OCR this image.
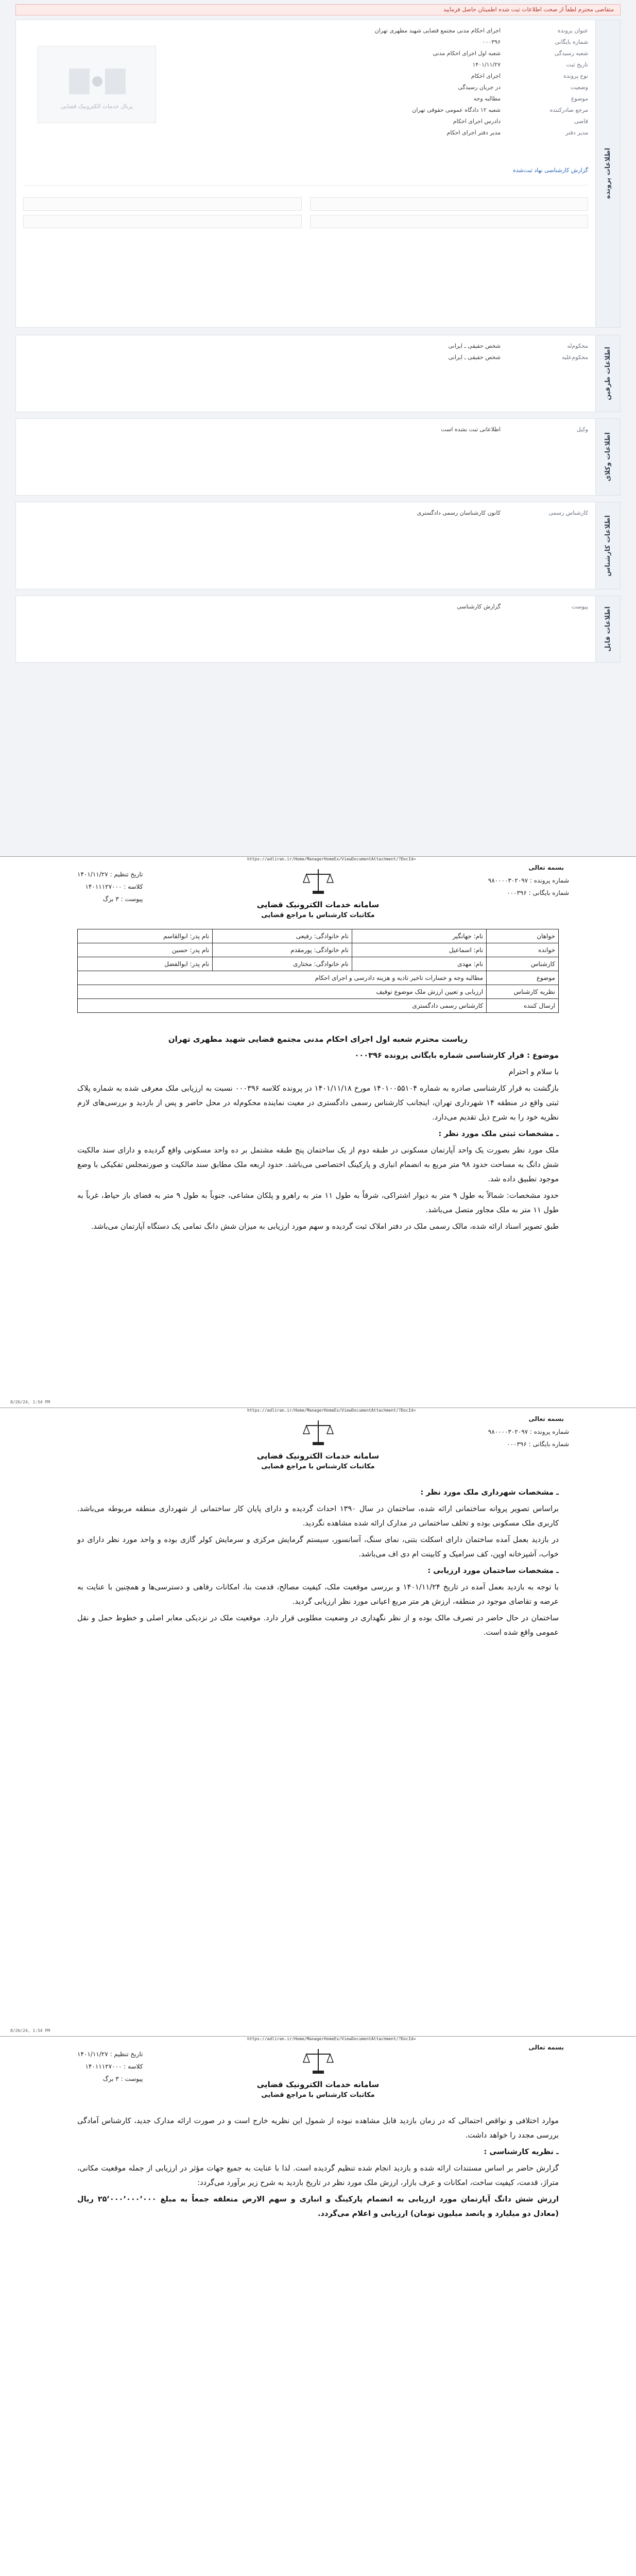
متقاضی محترم لطفاً از صحت اطلاعات ثبت شده اطمینان حاصل فرمایید
اطلاعات پرونده
عنوان پرونده
اجرای احکام مدنی مجتمع قضایی شهید مطهری تهران
شماره بایگانی
۰۰۰۳۹۶
شعبه رسیدگی
شعبه اول اجرای احکام مدنی
تاریخ ثبت
۱۴۰۱/۱۱/۲۷
نوع پرونده
اجرای احکام
وضعیت
در جریان رسیدگی
موضوع
مطالبه وجه
مرجع صادرکننده
شعبه ۱۲ دادگاه عمومی حقوقی تهران
قاضی
دادرس اجرای احکام
مدیر دفتر
مدیر دفتر اجرای احکام
پرتال خدمات الکترونیک قضایی
گزارش کارشناسی نهاد ثبت‌شده
اطلاعات طرفین
محکوم‌له
شخص حقیقی ـ ایرانی
محکوم‌علیه
شخص حقیقی ـ ایرانی
اطلاعات وکلای
وکیل
اطلاعاتی ثبت نشده است
اطلاعات کارشناس
کارشناس رسمی
کانون کارشناسان رسمی دادگستری
اطلاعات فایل
پیوست
گزارش کارشناسی
https://adliran.ir/Home/ManagerHomeEx/ViewDocumentAttachment/?DocId=
بسمه تعالی
سامانه خدمات الکترونیک قضایی
مکاتبات کارشناس با مراجع قضایی
تاریخ تنظیم : ۱۴۰۱/۱۱/۲۷
کلاسه : ۱۴۰۱۱۱۲۷۰۰۰
پیوست : ۳ برگ
شماره پرونده : ۹۸۰۰۰۰۳۰۲۰۹۷
شماره بایگانی : ۰۰۰۳۹۶
خواهان
نام: جهانگیر
نام خانوادگی: رفیعی
نام پدر: ابوالقاسم
خوانده
نام: اسماعیل
نام خانوادگی: پورمقدم
نام پدر: حسین
کارشناس
نام: مهدی
نام خانوادگی: مختاری
نام پدر: ابوالفضل
موضوع
مطالبه وجه و خسارات تاخیر تادیه و هزینه دادرسی و اجرای احکام
نظریه کارشناس
ارزیابی و تعیین ارزش ملک موضوع توقیف
ارسال کننده
کارشناس رسمی دادگستری

ریاست محترم شعبه اول اجرای احکام مدنی مجتمع قضایی شهید مطهری تهران

موضوع : قرار کارشناسی شماره بایگانی پرونده ۰۰۰۳۹۶

با سلام و احترام

بازگشت به قرار کارشناسی صادره به شماره ۱۴۰۱۰۰۵۵۱۰۴ مورخ ۱۴۰۱/۱۱/۱۸ در پرونده کلاسه ۰۰۰۳۹۶ نسبت به ارزیابی ملک معرفی شده به شماره پلاک ثبتی واقع در منطقه ۱۴ شهرداری تهران، اینجانب کارشناس رسمی دادگستری در معیت نماینده محکوم‌له در محل حاضر و پس از بازدید و بررسی‌های لازم نظریه خود را به شرح ذیل تقدیم می‌دارد.

ـ مشخصات ثبتی ملک مورد نظر :

ملک مورد نظر بصورت یک واحد آپارتمان مسکونی در طبقه دوم از یک ساختمان پنج طبقه مشتمل بر ده واحد مسکونی واقع گردیده و دارای سند مالکیت شش دانگ به مساحت حدود ۹۸ متر مربع به انضمام انباری و پارکینگ اختصاصی می‌باشد. حدود اربعه ملک مطابق سند مالکیت و صورتمجلس تفکیکی با وضع موجود تطبیق داده شد.

حدود مشخصات: شمالاً به طول ۹ متر به دیوار اشتراکی، شرقاً به طول ۱۱ متر به راهرو و پلکان مشاعی، جنوباً به طول ۹ متر به فضای باز حیاط، غرباً به طول ۱۱ متر به ملک مجاور متصل می‌باشد.

طبق تصویر اسناد ارائه شده، مالک رسمی ملک در دفتر املاک ثبت گردیده و سهم مورد ارزیابی به میزان شش دانگ تمامی یک دستگاه آپارتمان می‌باشد.

8/26/24, 1:54 PM
https://adliran.ir/Home/ManagerHomeEx/ViewDocumentAttachment/?DocId=
بسمه تعالی
سامانه خدمات الکترونیک قضایی
مکاتبات کارشناس با مراجع قضایی
شماره پرونده : ۹۸۰۰۰۰۳۰۲۰۹۷
شماره بایگانی : ۰۰۰۳۹۶

ـ مشخصات شهرداری ملک مورد نظر :

براساس تصویر پروانه ساختمانی ارائه شده، ساختمان در سال ۱۳۹۰ احداث گردیده و دارای پایان کار ساختمانی از شهرداری منطقه مربوطه می‌باشد. کاربری ملک مسکونی بوده و تخلف ساختمانی در مدارک ارائه شده مشاهده نگردید.

در بازدید بعمل آمده ساختمان دارای اسکلت بتنی، نمای سنگ، آسانسور، سیستم گرمایش مرکزی و سرمایش کولر گازی بوده و واحد مورد نظر دارای دو خواب، آشپزخانه اوپن، کف سرامیک و کابینت ام دی اف می‌باشد.

ـ مشخصات ساختمان مورد ارزیابی :

با توجه به بازدید بعمل آمده در تاریخ ۱۴۰۱/۱۱/۲۴ و بررسی موقعیت ملک، کیفیت مصالح، قدمت بنا، امکانات رفاهی و دسترسی‌ها و همچنین با عنایت به عرضه و تقاضای موجود در منطقه، ارزش هر متر مربع اعیانی مورد نظر ارزیابی گردید.

ساختمان در حال حاضر در تصرف مالک بوده و از نظر نگهداری در وضعیت مطلوبی قرار دارد. موقعیت ملک در نزدیکی معابر اصلی و خطوط حمل و نقل عمومی واقع شده است.

8/26/24, 1:54 PM
https://adliran.ir/Home/ManagerHomeEx/ViewDocumentAttachment/?DocId=
بسمه تعالی
سامانه خدمات الکترونیک قضایی
مکاتبات کارشناس با مراجع قضایی
تاریخ تنظیم : ۱۴۰۱/۱۱/۲۷
کلاسه : ۱۴۰۱۱۱۲۷۰۰۰
پیوست : ۳ برگ

موارد اختلافی و نواقص احتمالی که در زمان بازدید قابل مشاهده نبوده از شمول این نظریه خارج است و در صورت ارائه مدارک جدید، کارشناس آمادگی بررسی مجدد را خواهد داشت.

ـ نظریه کارشناسی :

گزارش حاضر بر اساس مستندات ارائه شده و بازدید انجام شده تنظیم گردیده است. لذا با عنایت به جمیع جهات مؤثر در ارزیابی از جمله موقعیت مکانی، متراژ، قدمت، کیفیت ساخت، امکانات و عرف بازار، ارزش ملک مورد نظر در تاریخ بازدید به شرح زیر برآورد می‌گردد:

ارزش شش دانگ آپارتمان مورد ارزیابی به انضمام پارکینگ و انباری و سهم الارض متعلقه جمعاً به مبلغ ۲۵٬۰۰۰٬۰۰۰٬۰۰۰ ریال (معادل دو میلیارد و پانصد میلیون تومان) ارزیابی و اعلام می‌گردد.
